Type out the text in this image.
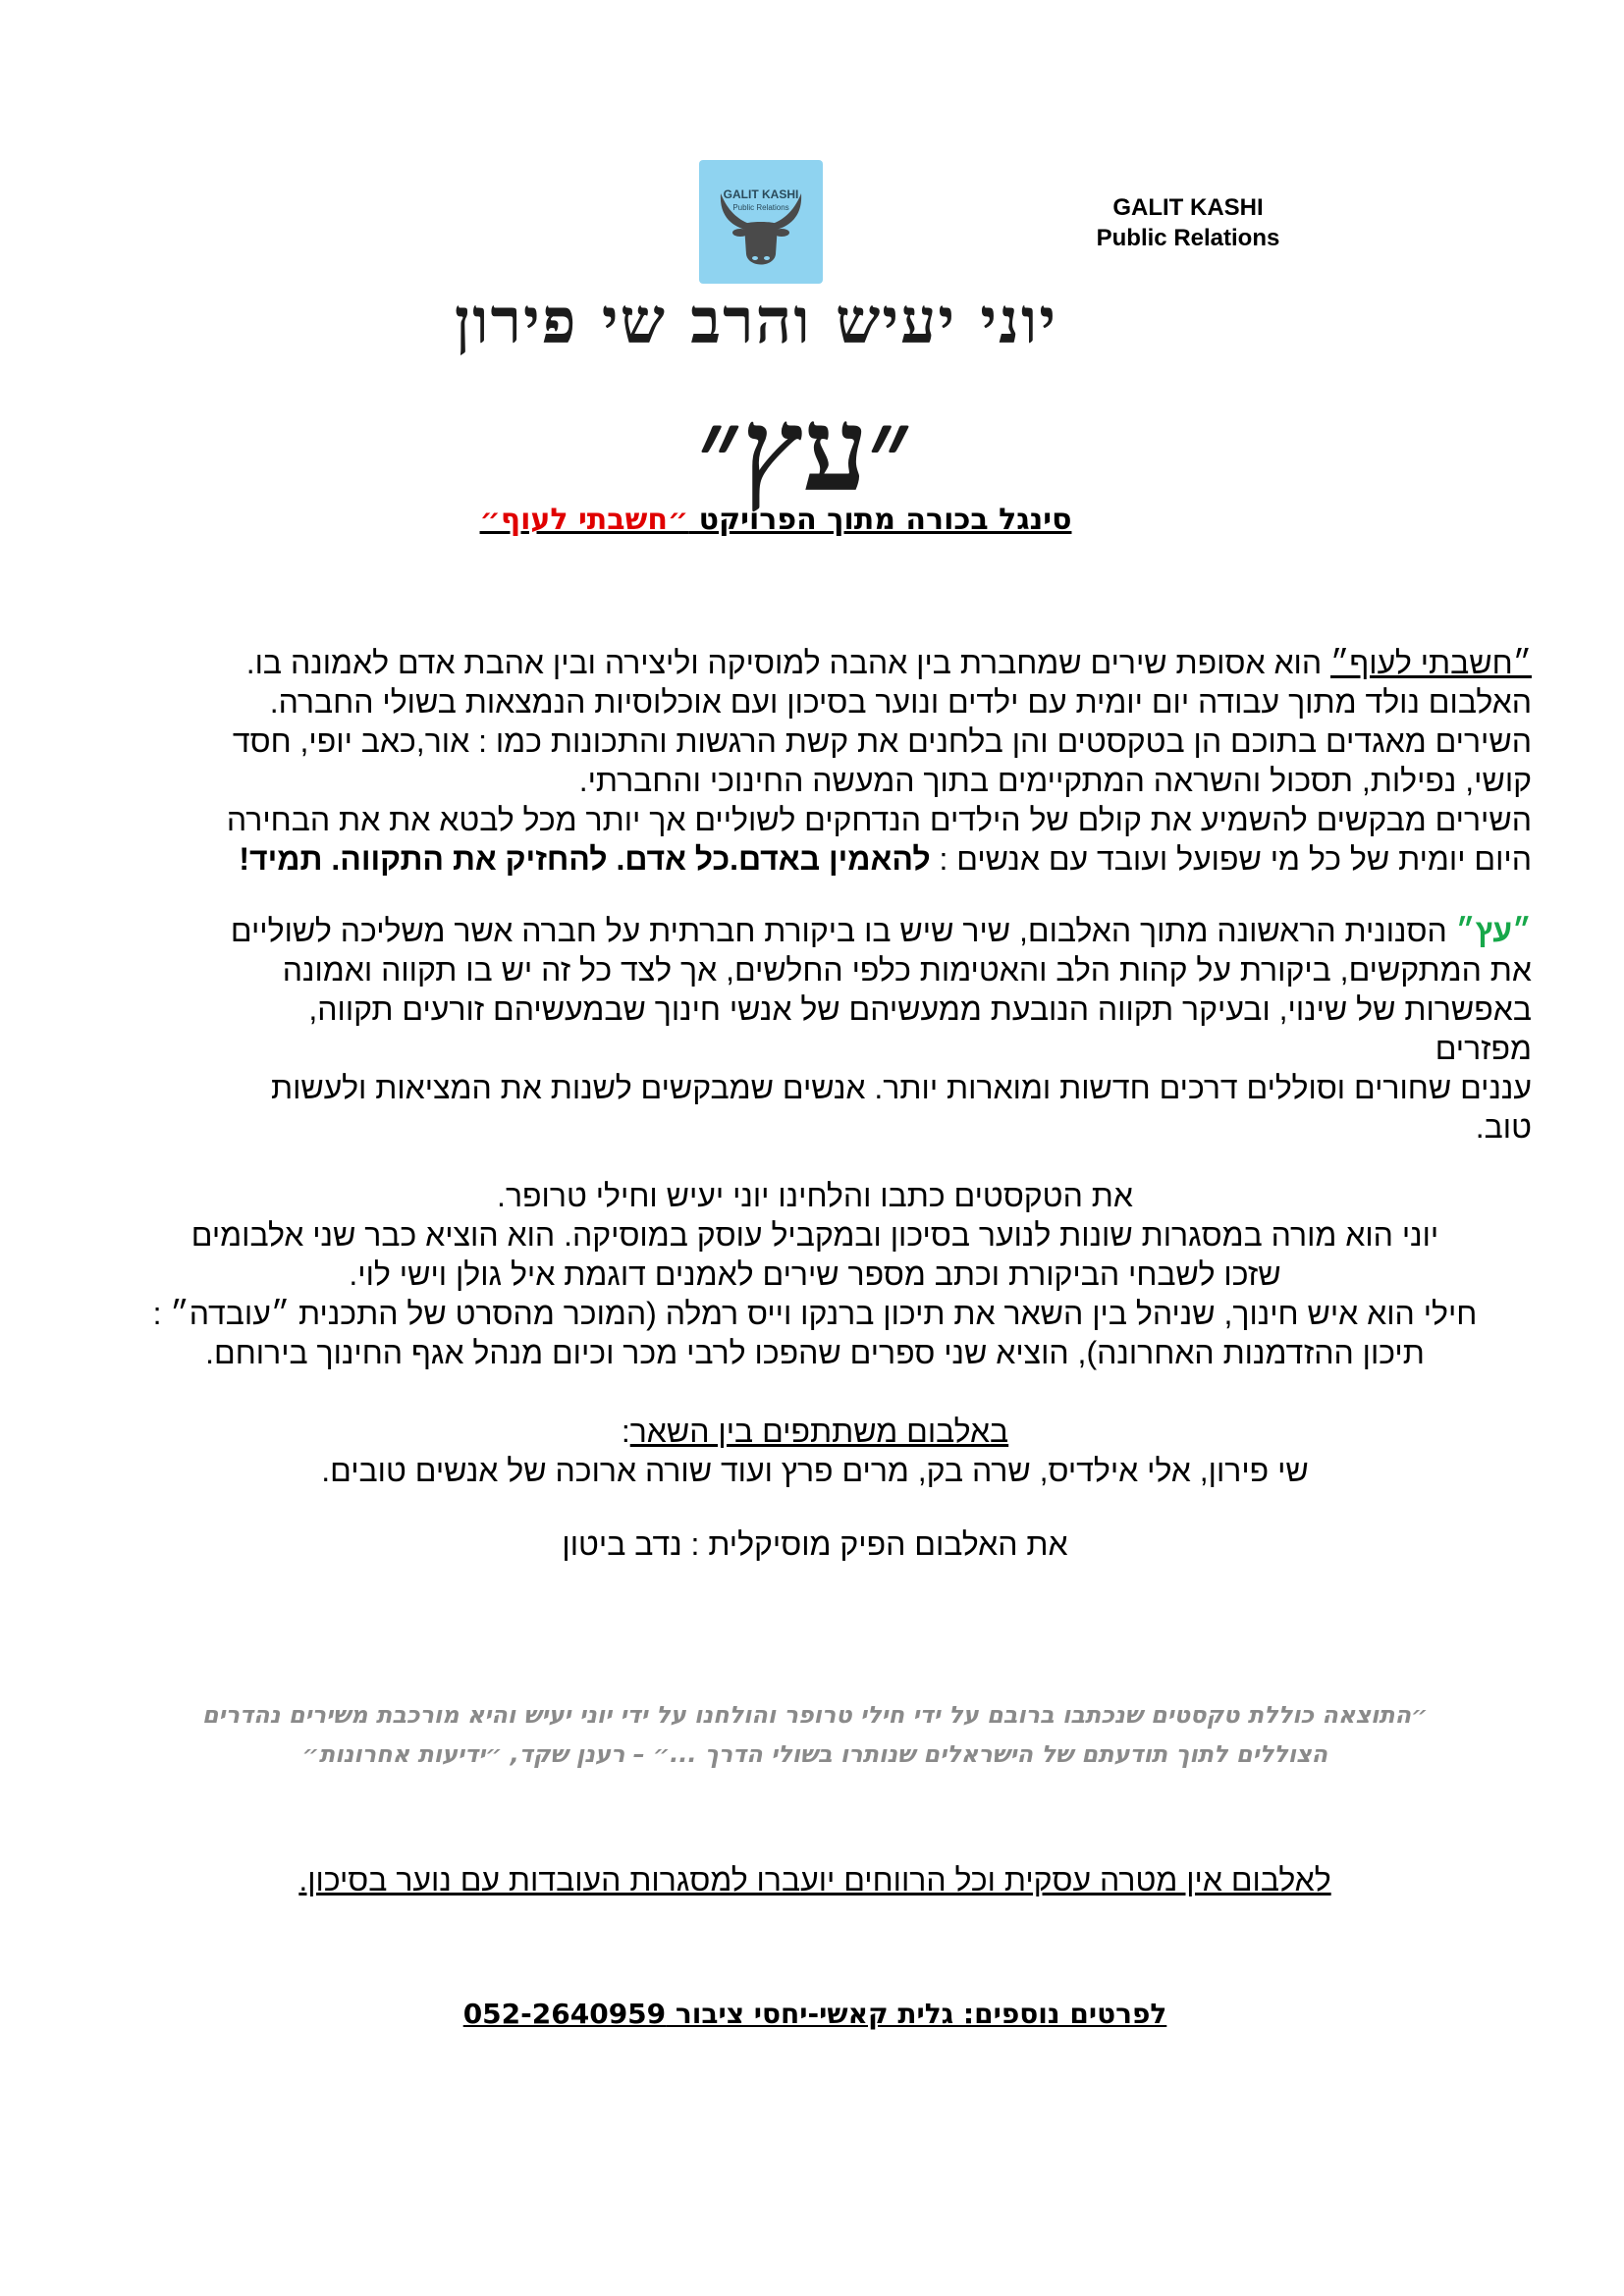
GALIT KASHI
Public Relations	GALIT KASHI
Public Relations
יוני יעיש והרב שי פירון
״עץ״
סינגל בכורה מתוך הפרויקט ״חשבתי לעוף״
״חשבתי לעוף״ הוא אסופת שירים שמחברת בין אהבה למוסיקה וליצירה ובין אהבת אדם לאמונה בו.
האלבום נולד מתוך עבודה יום יומית עם ילדים ונוער בסיכון ועם אוכלוסיות הנמצאות בשולי החברה.
השירים מאגדים בתוכם הן בטקסטים והן בלחנים את קשת הרגשות והתכונות כמו : אור,כאב יופי, חסד
קושי, נפילות, תסכול והשראה המתקיימים בתוך המעשה החינוכי והחברתי.
השירים מבקשים להשמיע את קולם של הילדים הנדחקים לשוליים אך יותר מכל לבטא את את הבחירה
היום יומית של כל מי שפועל ועובד עם אנשים : להאמין באדם.כל אדם. להחזיק את התקווה. תמיד!
״עץ״ הסנונית הראשונה מתוך האלבום, שיר שיש בו ביקורת חברתית על חברה אשר משליכה לשוליים
את המתקשים, ביקורת על קהות הלב והאטימות כלפי החלשים, אך לצד כל זה יש בו תקווה ואמונה
באפשרות של שינוי, ובעיקר תקווה הנובעת ממעשיהם של אנשי חינוך שבמעשיהם זורעים תקווה,
מפזרים
עננים שחורים וסוללים דרכים חדשות ומוארות יותר. אנשים שמבקשים לשנות את המציאות ולעשות
טוב.
את הטקסטים כתבו והלחינו יוני יעיש וחילי טרופר.
יוני הוא מורה במסגרות שונות לנוער בסיכון ובמקביל עוסק במוסיקה. הוא הוציא כבר שני אלבומים
שזכו לשבחי הביקורת וכתב מספר שירים לאמנים דוגמת איל גולן וישי לוי.
חילי הוא איש חינוך, שניהל בין השאר את תיכון ברנקו וייס רמלה (המוכר מהסרט של התכנית ״עובדה״ :
תיכון ההזדמנות האחרונה), הוציא שני ספרים שהפכו לרבי מכר וכיום מנהל אגף החינוך בירוחם.
באלבום משתתפים בין השאר:
שי פירון, אלי אילדיס, שרה בק, מרים פרץ ועוד שורה ארוכה של אנשים טובים.
את האלבום הפיק מוסיקלית : נדב ביטון
״התוצאה כוללת טקסטים שנכתבו ברובם על ידי חילי טרופר והולחנו על ידי יוני יעיש והיא מורכבת משירים נהדרים
הצוללים לתוך תודעתם של הישראלים שנותרו בשולי הדרך ...״ – רענן שקד, ״ידיעות אחרונות״
לאלבום אין מטרה עסקית וכל הרווחים יועברו למסגרות העובדות עם נוער בסיכון.
לפרטים נוספים: גלית קאשי-יחסי ציבור 052-2640959
